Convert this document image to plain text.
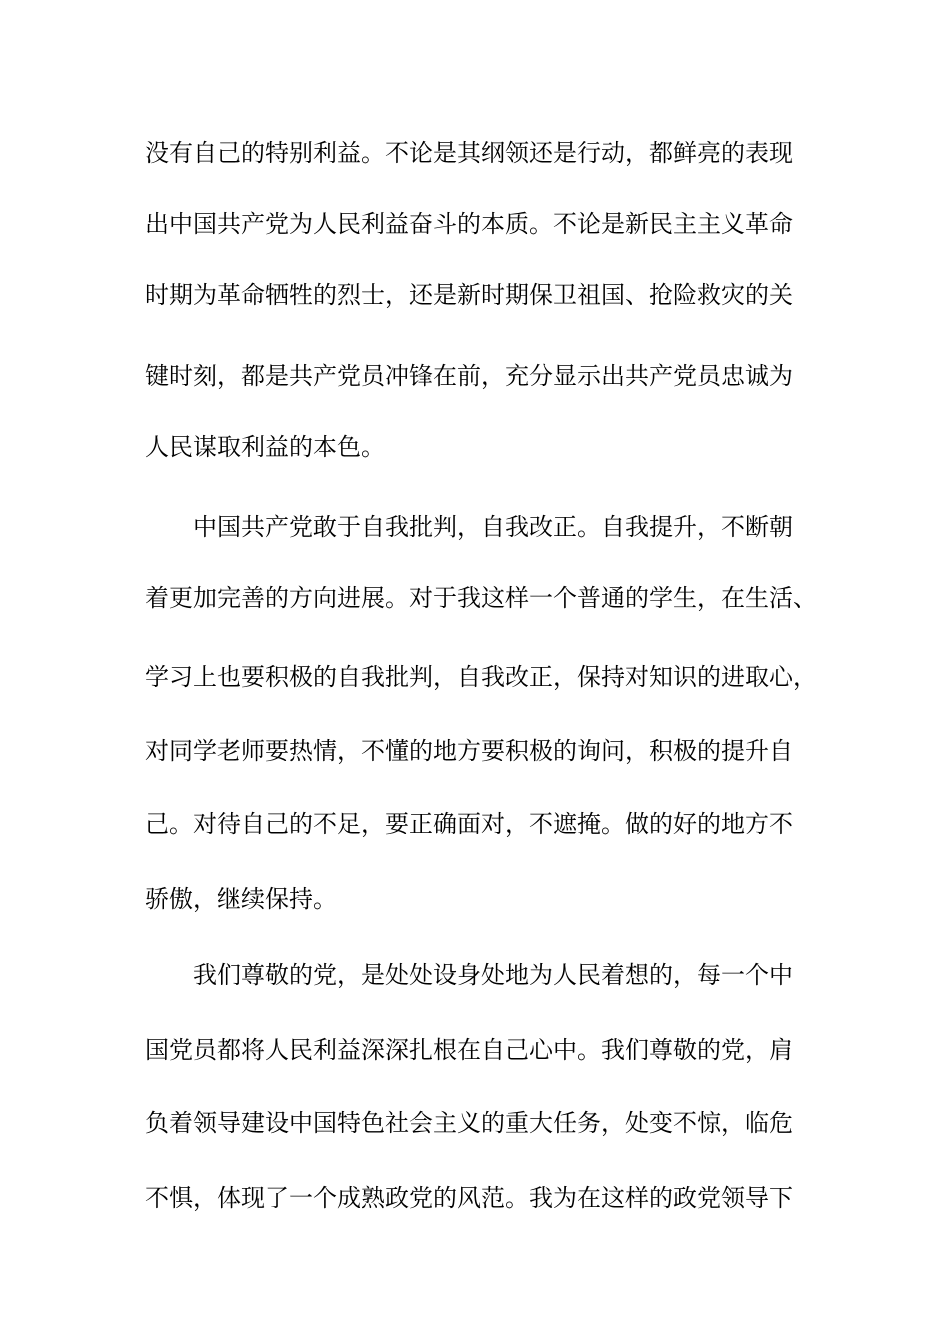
没有自己的特别利益。不论是其纲领还是行动，都鲜亮的表现

出中国共产党为人民利益奋斗的本质。不论是新民主主义革命

时期为革命牺牲的烈士，还是新时期保卫祖国、抢险救灾的关

键时刻，都是共产党员冲锋在前，充分显示出共产党员忠诚为

人民谋取利益的本色。

中国共产党敢于自我批判，自我改正。自我提升，不断朝

着更加完善的方向进展。对于我这样一个普通的学生，在生活、

学习上也要积极的自我批判，自我改正，保持对知识的进取心，

对同学老师要热情，不懂的地方要积极的询问，积极的提升自

己。对待自己的不足，要正确面对，不遮掩。做的好的地方不

骄傲，继续保持。

我们尊敬的党，是处处设身处地为人民着想的，每一个中

国党员都将人民利益深深扎根在自己心中。我们尊敬的党，肩

负着领导建设中国特色社会主义的重大任务，处变不惊，临危

不惧，体现了一个成熟政党的风范。我为在这样的政党领导下
